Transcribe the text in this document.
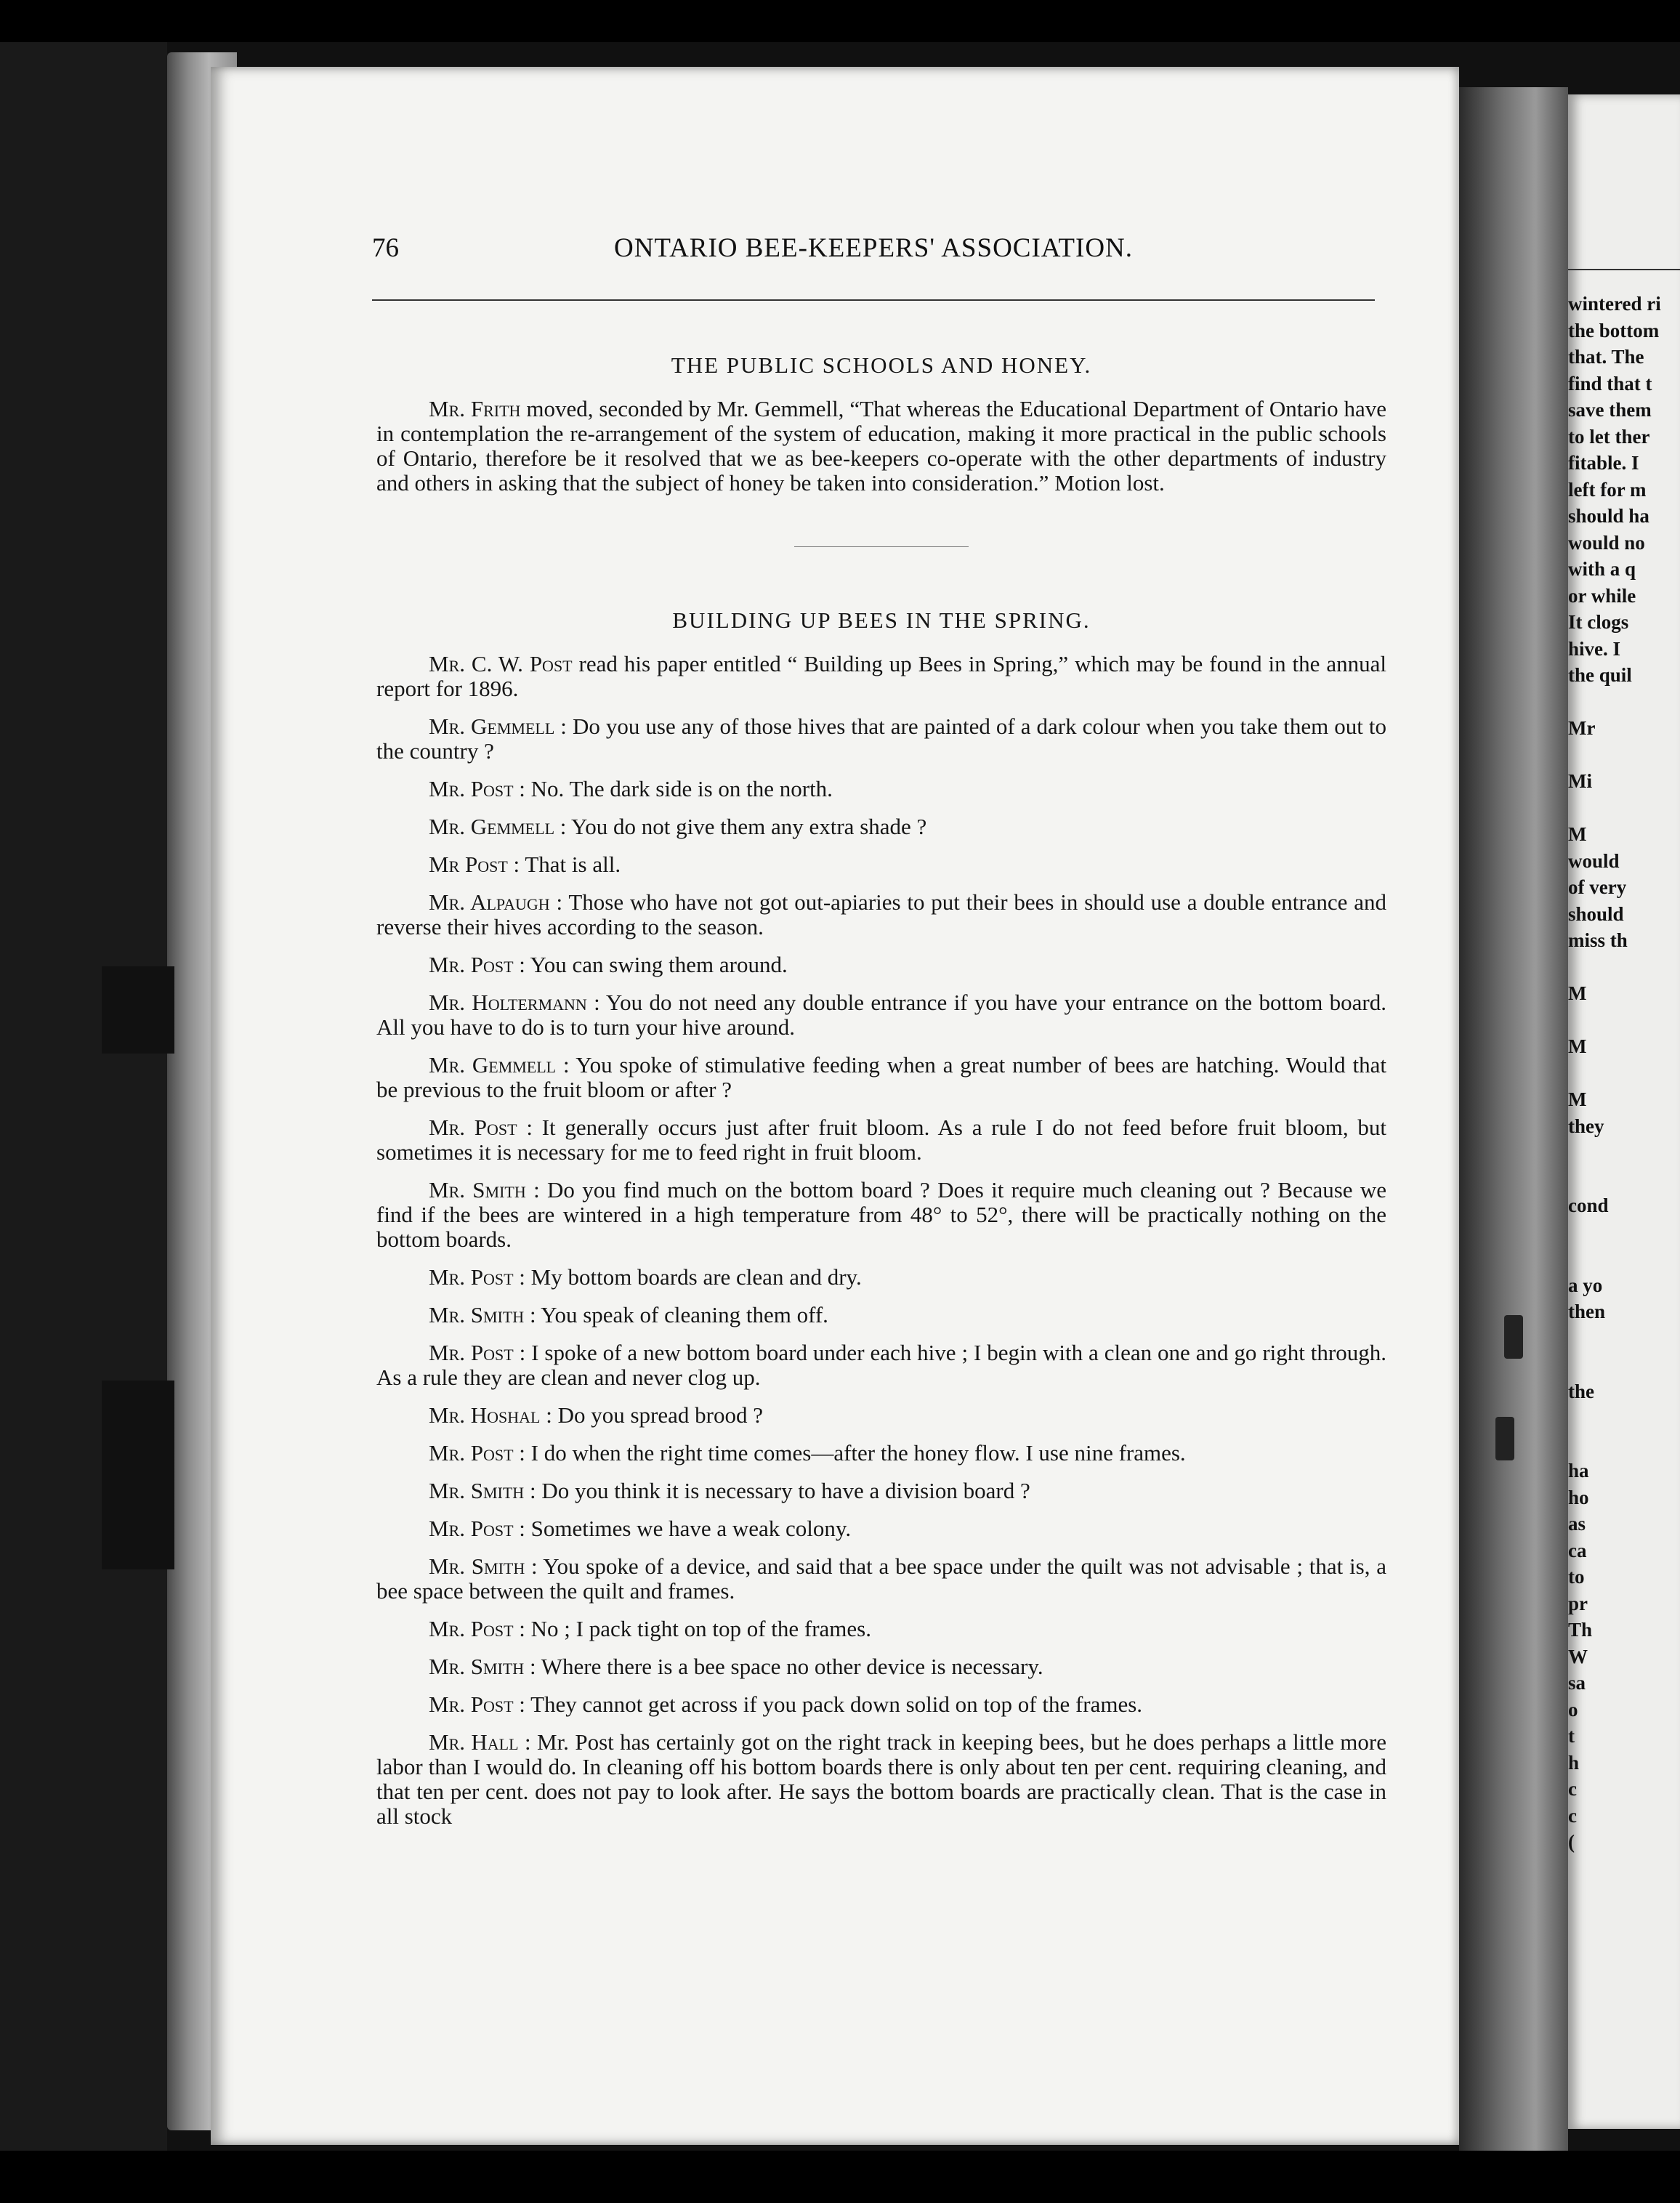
wintered ri
the bottom
that. The
find that t
save them
to let ther
fitable. I
left for m
should ha
would no
with a q
or while
It clogs
hive. I
the quil
Mr
Mi
M
would
of very
should
miss th
M
M
M
they
cond
a yo
then
the
ha
ho
as
ca
to
pr
Th
W
sa
o
t
h
c
c
(
76	ONTARIO BEE-KEEPERS' ASSOCIATION.
THE PUBLIC SCHOOLS AND HONEY.

Mr. Frith moved, seconded by Mr. Gemmell, “That whereas the Educational Department of Ontario have in contemplation the re-arrangement of the system of education, making it more practical in the public schools of Ontario, therefore be it resolved that we as bee-keepers co-operate with the other departments of industry and others in asking that the subject of honey be taken into consideration.” Motion lost.

BUILDING UP BEES IN THE SPRING.

Mr. C. W. Post read his paper entitled “ Building up Bees in Spring,” which may be found in the annual report for 1896.

Mr. Gemmell : Do you use any of those hives that are painted of a dark colour when you take them out to the country ?

Mr. Post : No. The dark side is on the north.

Mr. Gemmell : You do not give them any extra shade ?

Mr Post : That is all.

Mr. Alpaugh : Those who have not got out-apiaries to put their bees in should use a double entrance and reverse their hives according to the season.

Mr. Post : You can swing them around.

Mr. Holtermann : You do not need any double entrance if you have your entrance on the bottom board. All you have to do is to turn your hive around.

Mr. Gemmell : You spoke of stimulative feeding when a great number of bees are hatching. Would that be previous to the fruit bloom or after ?

Mr. Post : It generally occurs just after fruit bloom. As a rule I do not feed before fruit bloom, but sometimes it is necessary for me to feed right in fruit bloom.

Mr. Smith : Do you find much on the bottom board ? Does it require much cleaning out ? Because we find if the bees are wintered in a high temperature from 48° to 52°, there will be practically nothing on the bottom boards.

Mr. Post : My bottom boards are clean and dry.

Mr. Smith : You speak of cleaning them off.

Mr. Post : I spoke of a new bottom board under each hive ; I begin with a clean one and go right through. As a rule they are clean and never clog up.

Mr. Hoshal : Do you spread brood ?

Mr. Post : I do when the right time comes—after the honey flow. I use nine frames.

Mr. Smith : Do you think it is necessary to have a division board ?

Mr. Post : Sometimes we have a weak colony.

Mr. Smith : You spoke of a device, and said that a bee space under the quilt was not advisable ; that is, a bee space between the quilt and frames.

Mr. Post : No ; I pack tight on top of the frames.

Mr. Smith : Where there is a bee space no other device is necessary.

Mr. Post : They cannot get across if you pack down solid on top of the frames.

Mr. Hall : Mr. Post has certainly got on the right track in keeping bees, but he does perhaps a little more labor than I would do. In cleaning off his bottom boards there is only about ten per cent. requiring cleaning, and that ten per cent. does not pay to look after. He says the bottom boards are practically clean. That is the case in all stock
